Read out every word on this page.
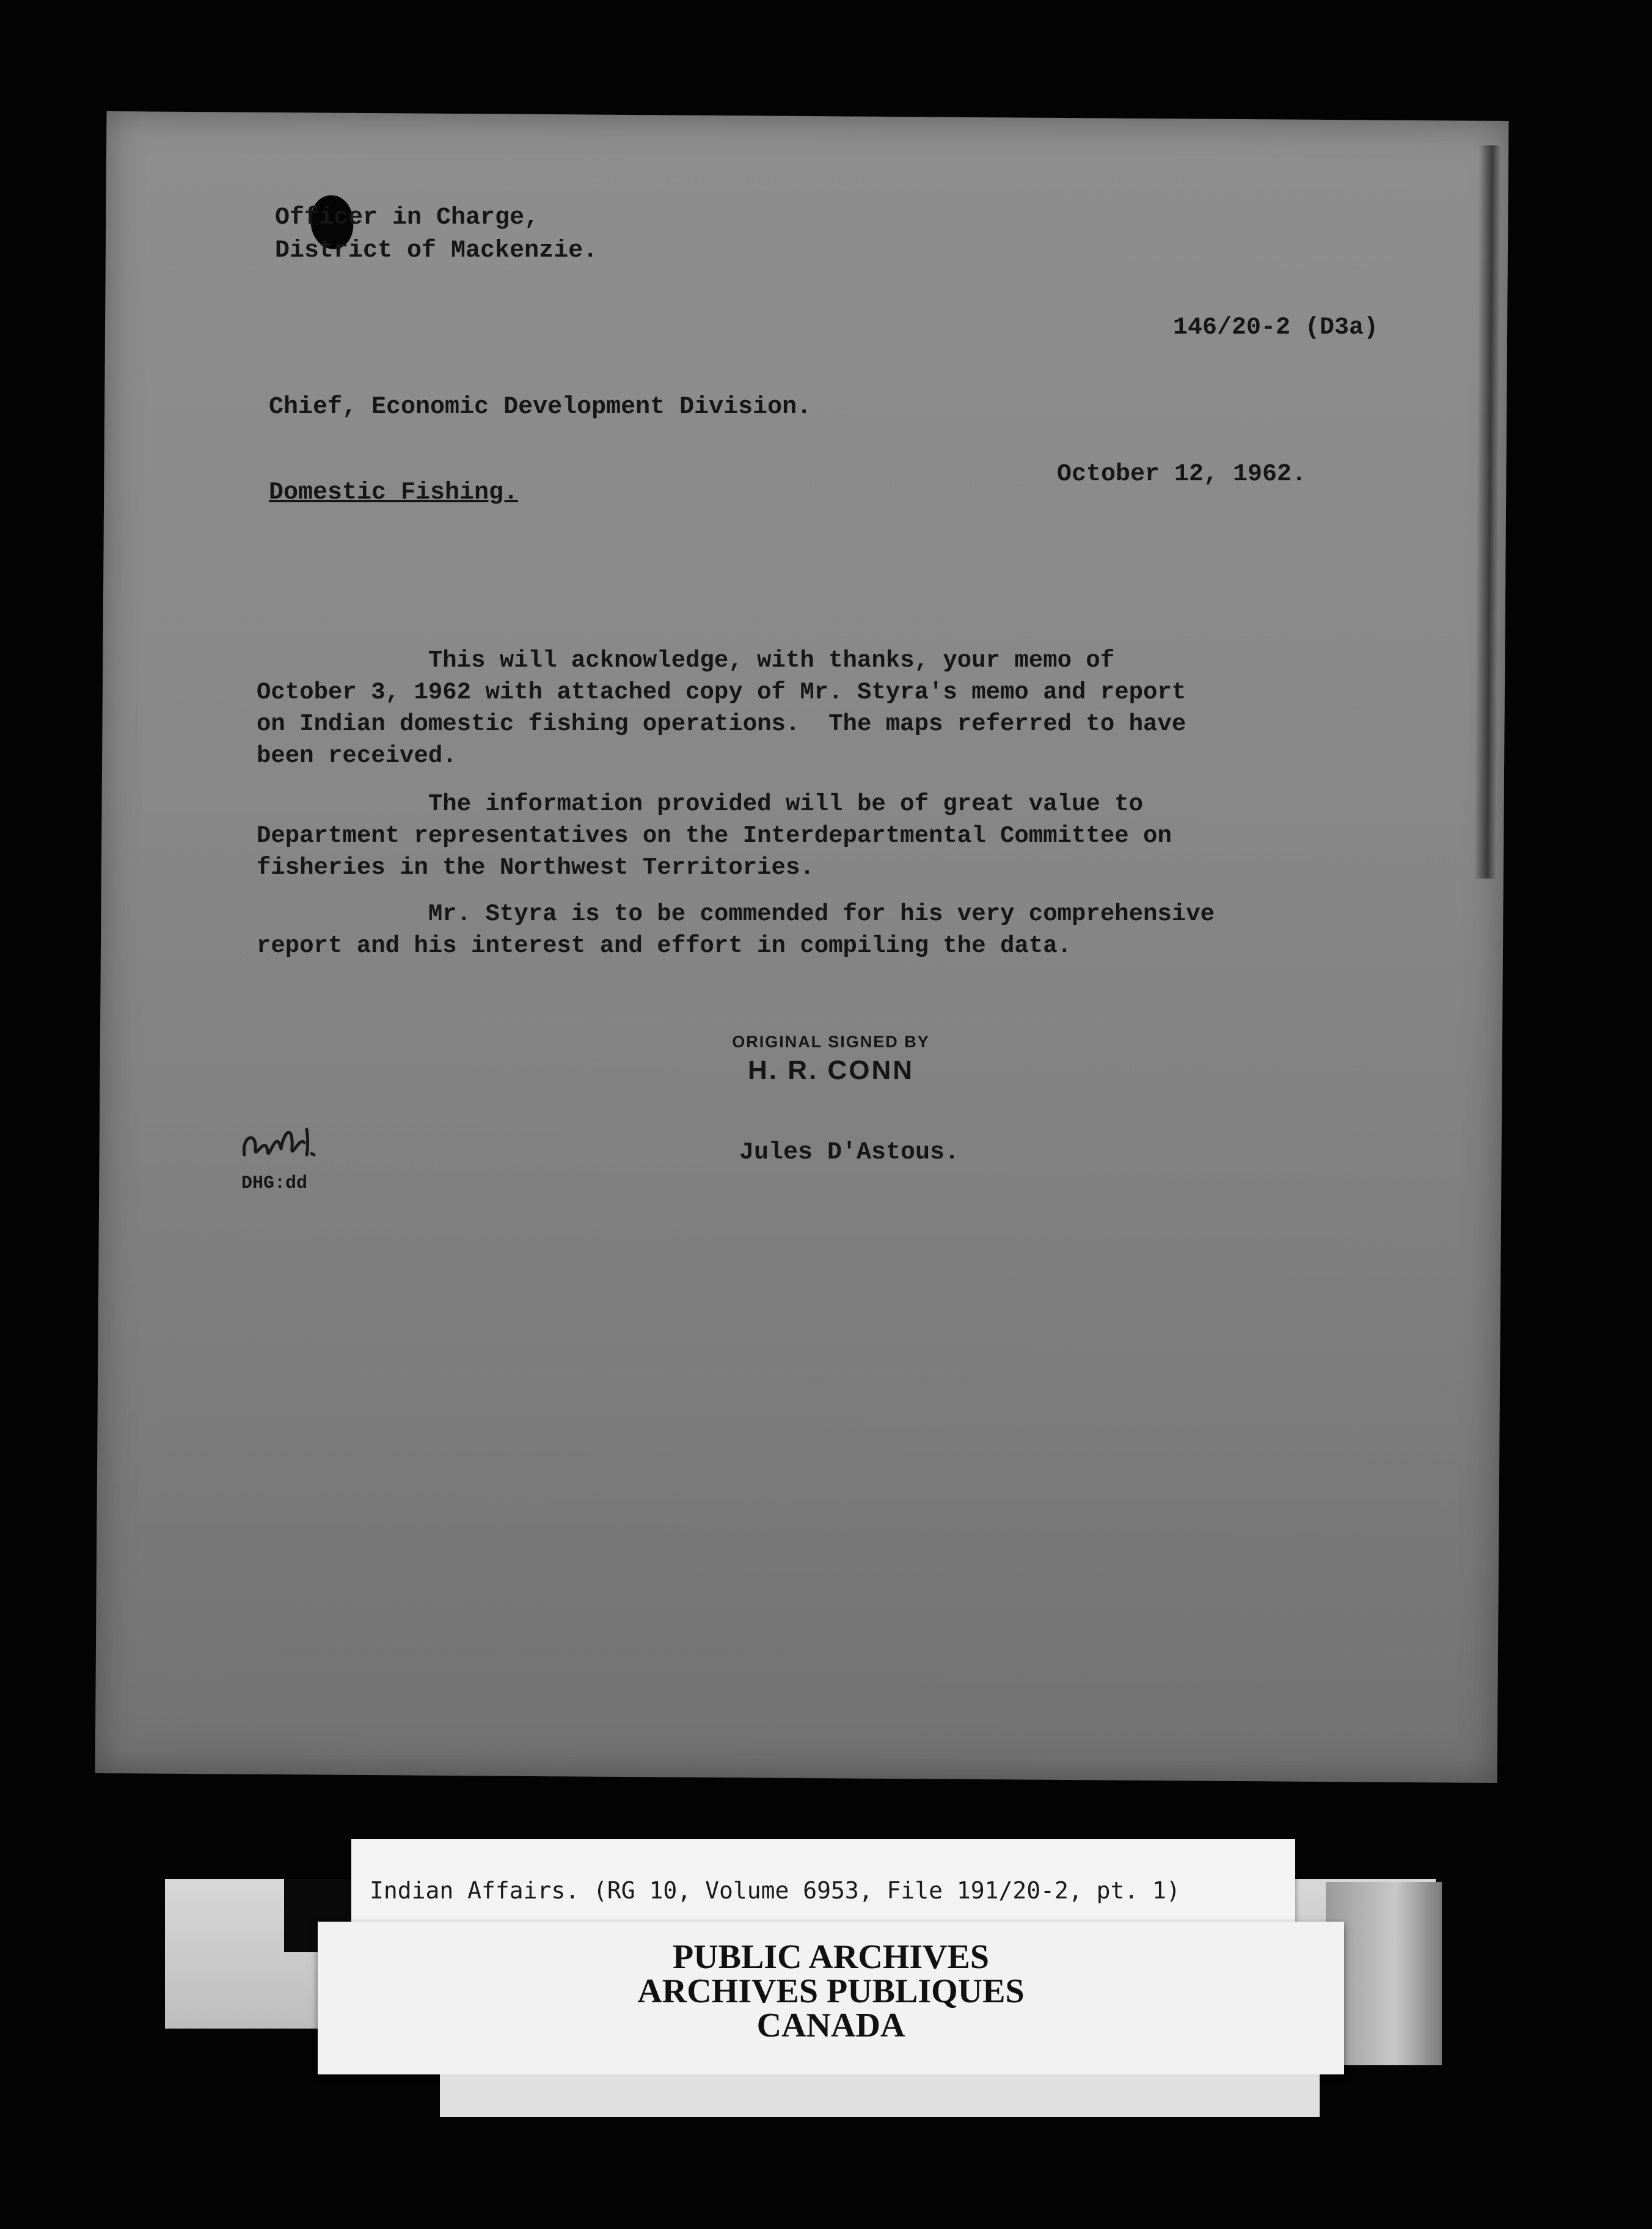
Officer in Charge,
District of Mackenzie.

146/20-2 (D3a)

Chief, Economic Development Division.

October 12, 1962.

Domestic Fishing.

This will acknowledge, with thanks, your memo of
October 3, 1962 with attached copy of Mr. Styra's memo and report
on Indian domestic fishing operations.  The maps referred to have
been received.

The information provided will be of great value to
Department representatives on the Interdepartmental Committee on
fisheries in the Northwest Territories.

Mr. Styra is to be commended for his very comprehensive
report and his interest and effort in compiling the data.

ORIGINAL SIGNED BY
H. R. CONN

Jules D'Astous.

DHG:dd

Indian Affairs. (RG 10, Volume 6953, File 191/20-2, pt. 1)

PUBLIC ARCHIVES

ARCHIVES PUBLIQUES

CANADA
